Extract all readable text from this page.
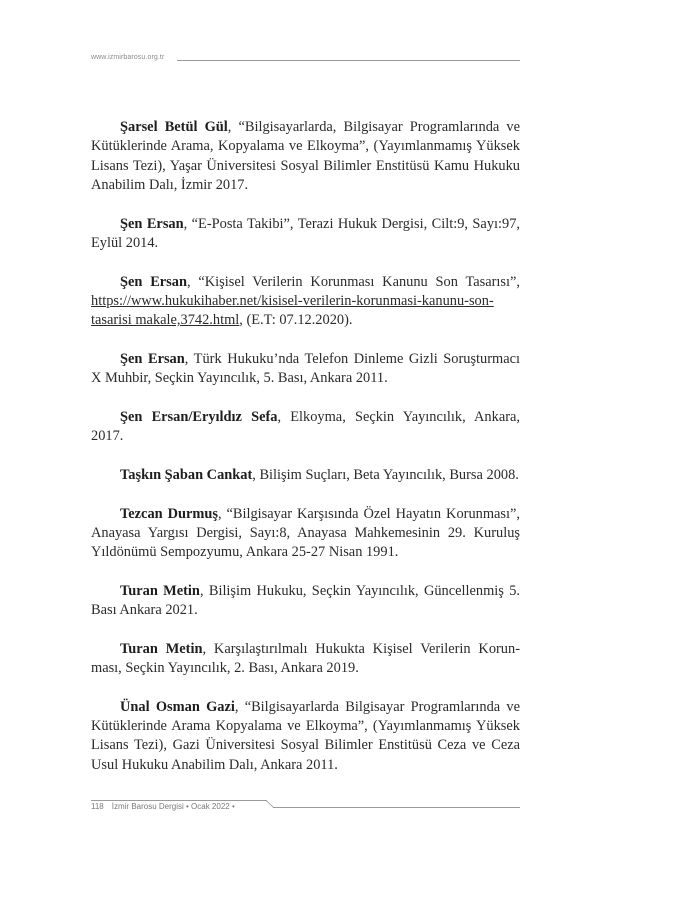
www.izmirbarosu.org.tr

Şarsel Betül Gül, “Bilgisayarlarda, Bilgisayar Programlarında ve Kütüklerinde Arama, Kopyalama ve Elkoyma”, (Yayımlanmamış Yüksek Lisans Tezi), Yaşar Üniversitesi Sosyal Bilimler Enstitüsü Kamu Hukuku Anabilim Dalı, İzmir 2017.

Şen Ersan, “E-Posta Takibi”, Terazi Hukuk Dergisi, Cilt:9, Sayı:97, Eylül 2014.

Şen Ersan, “Kişisel Verilerin Korunması Kanunu Son Tasarısı”, https://www.hukukihaber.net/kisisel-verilerin-korunmasi-kanunu-son-tasarisi makale,3742.html, (E.T: 07.12.2020).

Şen Ersan, Türk Hukuku’nda Telefon Dinleme Gizli Soruşturmacı X Muhbir, Seçkin Yayıncılık, 5. Bası, Ankara 2011.

Şen Ersan/Eryıldız Sefa, Elkoyma, Seçkin Yayıncılık, Ankara, 2017.

Taşkın Şaban Cankat, Bilişim Suçları, Beta Yayıncılık, Bursa 2008.

Tezcan Durmuş, “Bilgisayar Karşısında Özel Hayatın Korunması”, Anayasa Yargısı Dergisi, Sayı:8, Anayasa Mahkemesinin 29. Kuruluş Yıldönümü Sempozyumu, Ankara 25-27 Nisan 1991.

Turan Metin, Bilişim Hukuku, Seçkin Yayıncılık, Güncellenmiş 5. Bası Ankara 2021.

Turan Metin, Karşılaştırılmalı Hukukta Kişisel Verilerin Korunması, Seçkin Yayıncılık, 2. Bası, Ankara 2019.

Ünal Osman Gazi, “Bilgisayarlarda Bilgisayar Programlarında ve Kütüklerinde Arama Kopyalama ve Elkoyma”, (Yayımlanmamış Yüksek Lisans Tezi), Gazi Üniversitesi Sosyal Bilimler Enstitüsü Ceza ve Ceza Usul Hukuku Anabilim Dalı, Ankara 2011.

118 İzmir Barosu Dergisi • Ocak 2022 •
